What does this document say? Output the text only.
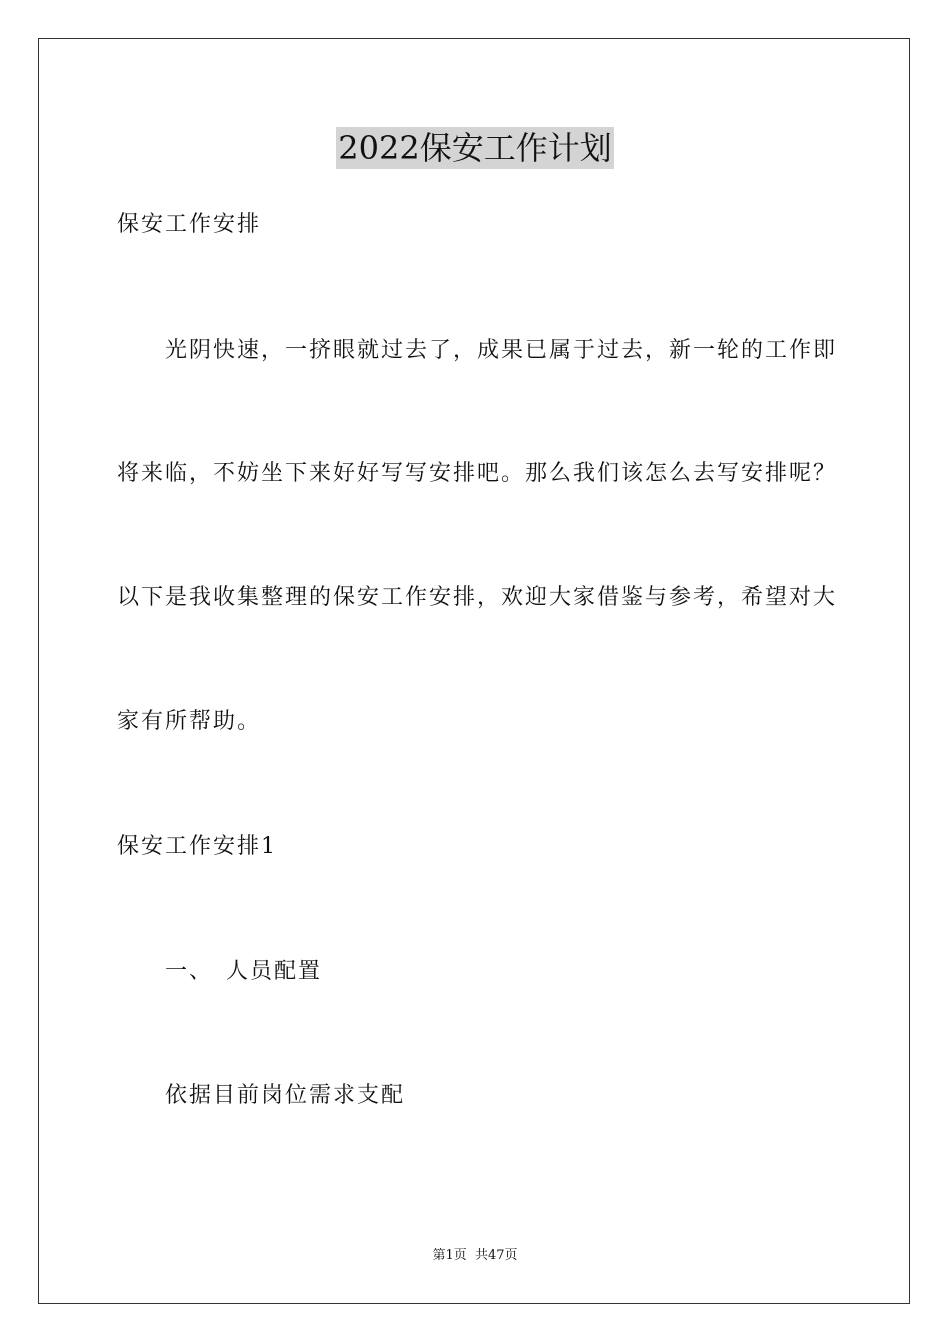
2022保安工作计划
保安工作安排
光阴快速，一挤眼就过去了，成果已属于过去，新一轮的工作即
将来临，不妨坐下来好好写写安排吧。那么我们该怎么去写安排呢？
以下是我收集整理的保安工作安排，欢迎大家借鉴与参考，希望对大
家有所帮助。
保安工作安排1
一、　人员配置
依据目前岗位需求支配
第1页 共47页
